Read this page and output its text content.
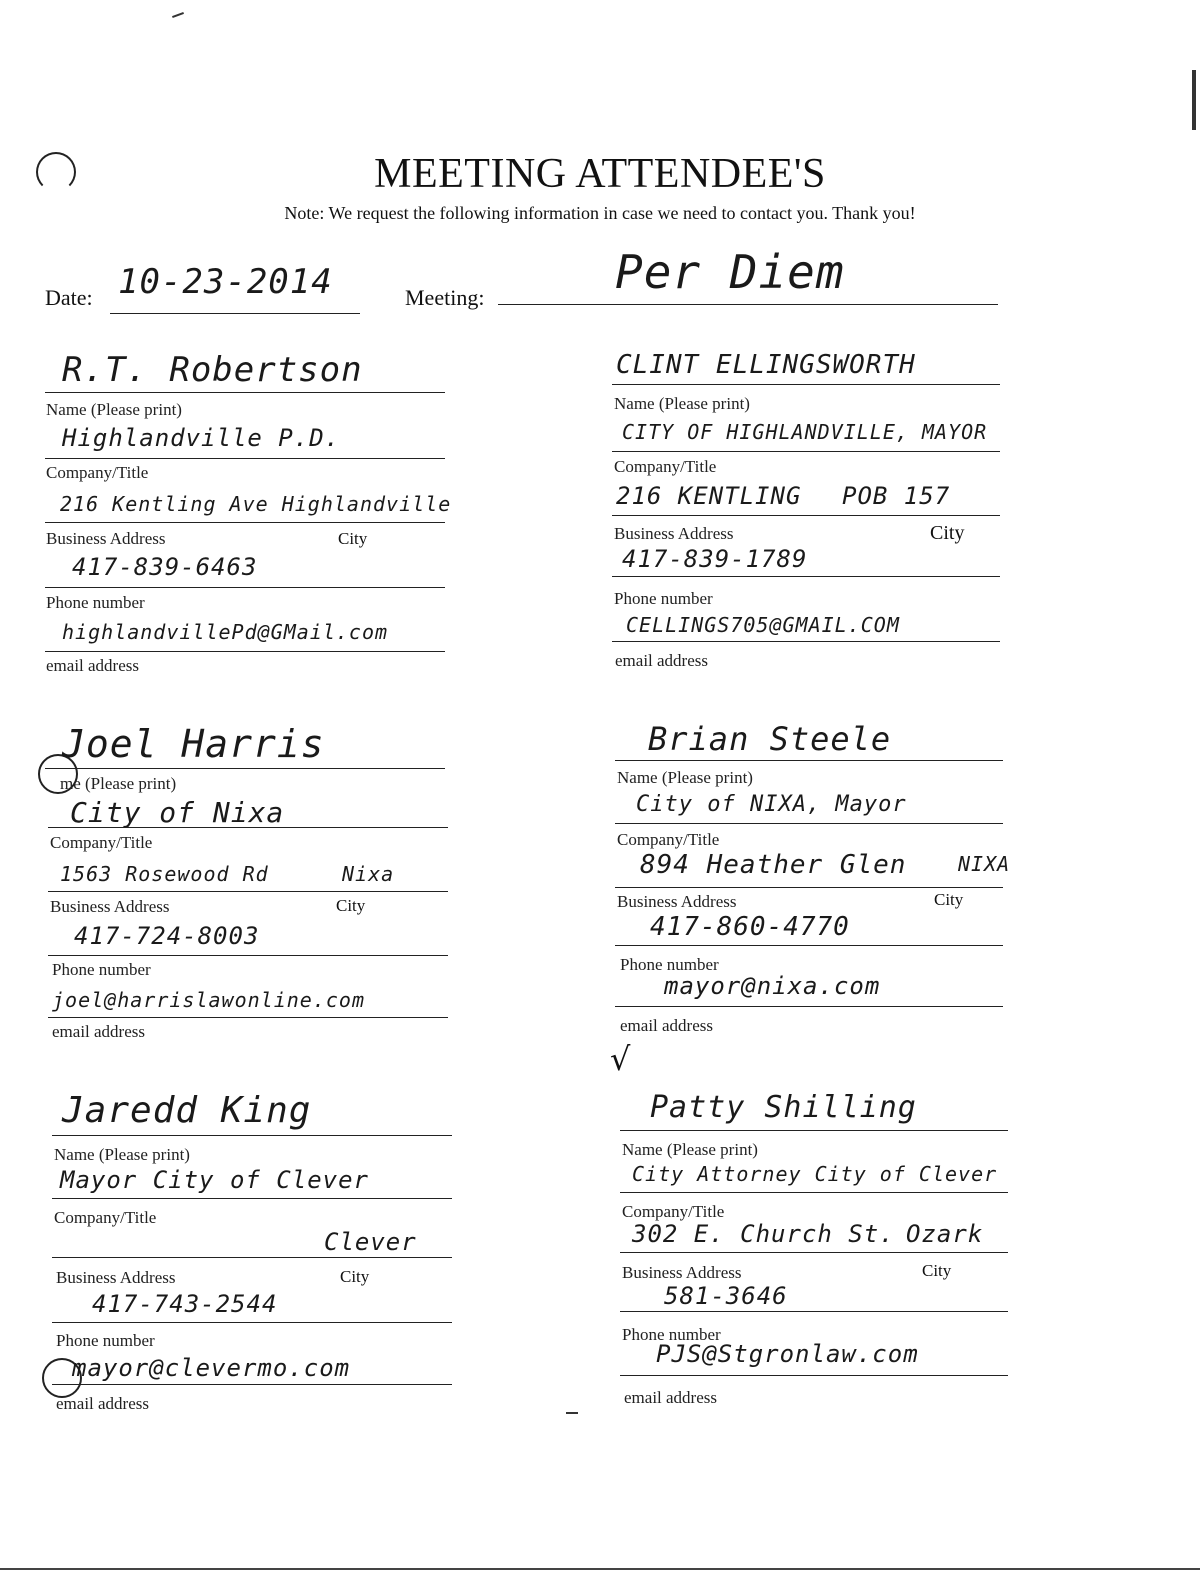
MEETING ATTENDEE'S
Note: We request the following information in case we need to contact you. Thank you!
Date: 10-23-2014	Meeting:	Per Diem
R.T. Robertson
Name (Please print)
Highlandville P.D.
Company/Title
216 Kentling Ave Highlandville
Business Address	City
417-839-6463
Phone number
highlandvillePd@GMail.com
email address
CLINT ELLINGSWORTH
Name (Please print)
CITY OF HIGHLANDVILLE, MAYOR
Company/Title
216 KENTLING POB 157
Business Address	City
417-839-1789
Phone number
CELLINGS705@GMAIL.COM
email address
Joel Harris
me (Please print)
City of Nixa
Company/Title
1563 Rosewood Rd	Nixa
Business Address	City
417-724-8003
Phone number
joel@harrislawonline.com
email address
Brian Steele
Name (Please print)
City of NIXA, Mayor
Company/Title
894 Heather Glen	NIXA
Business Address	City
417-860-4770
Phone number
mayor@nixa.com
email address
Jaredd King
Name (Please print)
Mayor City of Clever
Company/Title
Clever
Business Address	City
417-743-2544
Phone number
mayor@clevermo.com
email address
√
Patty Shilling
Name (Please print)
City Attorney City of Clever
Company/Title
302 E. Church St. Ozark
Business Address	City
581-3646
Phone number
PJS@Stgronlaw.com
email address
